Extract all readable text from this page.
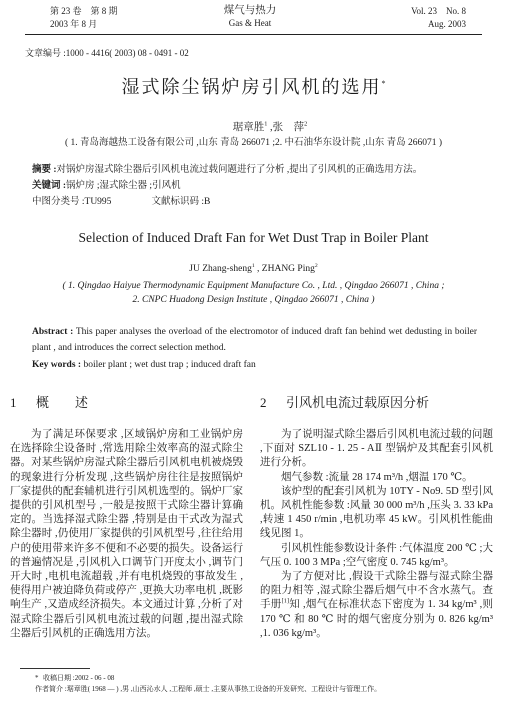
第 23 卷　第 8 期
2003 年 8 月
煤气与热力
Gas & Heat
Vol. 23　No. 8
Aug. 2003
文章编号 :1000 - 4416( 2003) 08 - 0491 - 02
湿式除尘锅炉房引风机的选用*
琚章胜$^1$ ,张　萍$^2$
( 1. 青岛海越热工设备有限公司 ,山东 青岛 266071 ;2. 中石油华东设计院 ,山东 青岛 266071 )
摘要 :对锅炉房湿式除尘器后引风机电流过载问题进行了分析 ,提出了引风机的正确选用方法。
关键词 :锅炉房 ;湿式除尘器 ;引风机
中图分类号 :TU995	文献标识码 :B
Selection of Induced Draft Fan for Wet Dust Trap in Boiler Plant
JU Zhang-sheng$^1$ , ZHANG Ping$^2$
( 1. Qingdao Haiyue Thermodynamic Equipment Manufacture Co. , Ltd. , Qingdao 266071 , China ;
2. CNPC Huadong Design Institute , Qingdao 266071 , China )
Abstract : This paper analyses the overload of the electromotor of induced draft fan behind wet dedusting in boiler plant , and introduces the correct selection method.
Key words : boiler plant ; wet dust trap ; induced draft fan
1 概　　述	2 引风机电流过载原因分析

为了满足环保要求 ,区域锅炉房和工业锅炉房在选择除尘设备时 ,常选用除尘效率高的湿式除尘器。对某些锅炉房湿式除尘器后引风机电机被烧毁的现象进行分析发现 ,这些锅炉房往往是按照锅炉厂家提供的配套辅机进行引风机选型的。锅炉厂家提供的引风机型号 ,一般是按照干式除尘器计算确定的。当选择湿式除尘器 ,特别是由干式改为湿式除尘器时 ,仍使用厂家提供的引风机型号 ,往往给用户的使用带来许多不便和不必要的损失。设备运行的普遍情况是 ,引风机入口调节门开度太小 ,调节门开大时 ,电机电流超载 ,并有电机烧毁的事故发生 ,使得用户被迫降负荷或停产 ,更换大功率电机 ,既影响生产 ,又造成经济损失。本文通过计算 ,分析了对湿式除尘器后引风机电流过载的问题 ,提出湿式除尘器后引风机的正确选用方法。

为了说明湿式除尘器后引风机电流过载的问题 ,下面对 SZL10 - 1. 25 - AⅡ 型锅炉及其配套引风机进行分析。

烟气参数 :流量 28 174 m³/h ,烟温 170 ℃。

该炉型的配套引风机为 10TY - No9. 5D 型引风机。风机性能参数 :风量 30 000 m³/h ,压头 3. 33 kPa ,转速 1 450 r/min ,电机功率 45 kW。引风机性能曲线见图 1。

引风机性能参数设计条件 :气体温度 200 ℃ ;大气压 0. 100 3 MPa ;空气密度 0. 745 kg/m³。

为了方便对比 ,假设干式除尘器与湿式除尘器的阻力相等 ,湿式除尘器后烟气中不含水蒸气。查手册[1]知 ,烟气在标准状态下密度为 1. 34 kg/m³ ,则 170 ℃ 和 80 ℃ 时的烟气密度分别为 0. 826 kg/m³ ,1. 036 kg/m³。

* 收稿日期 :2002 - 06 - 08
作者简介 :琚章胜( 1968 — ) ,男 ,山西沁水人 ,工程师 ,硕士 ,主要从事热工设备的开发研究、工程设计与管理工作。
